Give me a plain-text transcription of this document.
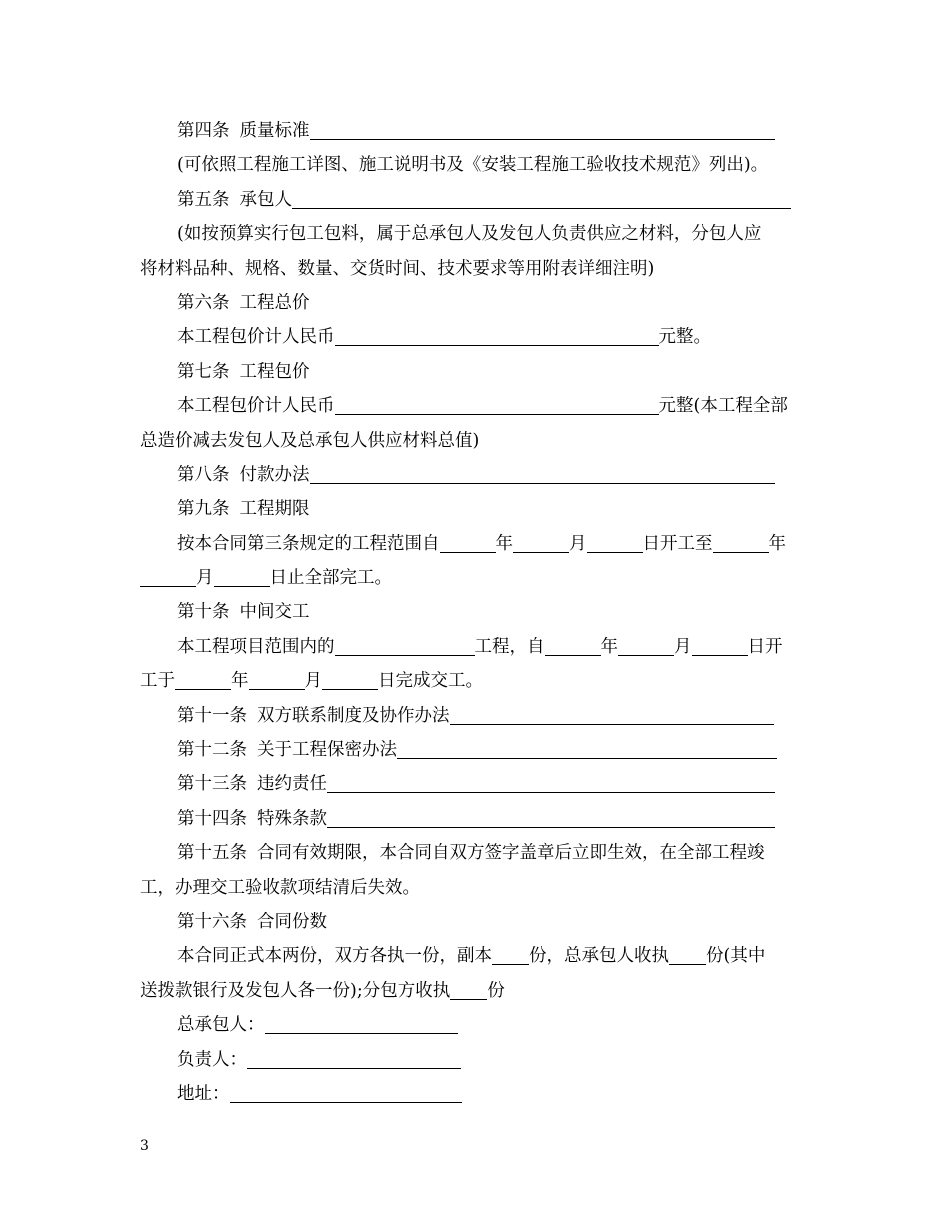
第四条 质量标准
(可依照工程施工详图、施工说明书及《安装工程施工验收技术规范》列出)。
第五条 承包人
(如按预算实行包工包料，属于总承包人及发包人负责供应之材料，分包人应
将材料品种、规格、数量、交货时间、技术要求等用附表详细注明)
第六条 工程总价
本工程包价计人民币	元整。
第七条 工程包价
本工程包价计人民币	元整(本工程全部
总造价减去发包人及总承包人供应材料总值)
第八条 付款办法
第九条 工程期限
按本合同第三条规定的工程范围自	年	月	日开工至	年
月	日止全部完工。
第十条 中间交工
本工程项目范围内的	工程，自	年	月	日开
工于	年	月	日完成交工。
第十一条 双方联系制度及协作办法
第十二条 关于工程保密办法
第十三条 违约责任
第十四条 特殊条款
第十五条 合同有效期限，本合同自双方签字盖章后立即生效，在全部工程竣
工，办理交工验收款项结清后失效。
第十六条 合同份数
本合同正式本两份，双方各执一份，副本 份，总承包人收执 份(其中
送拨款银行及发包人各一份);分包方收执 份
总承包人：
负责人：
地址：
3
